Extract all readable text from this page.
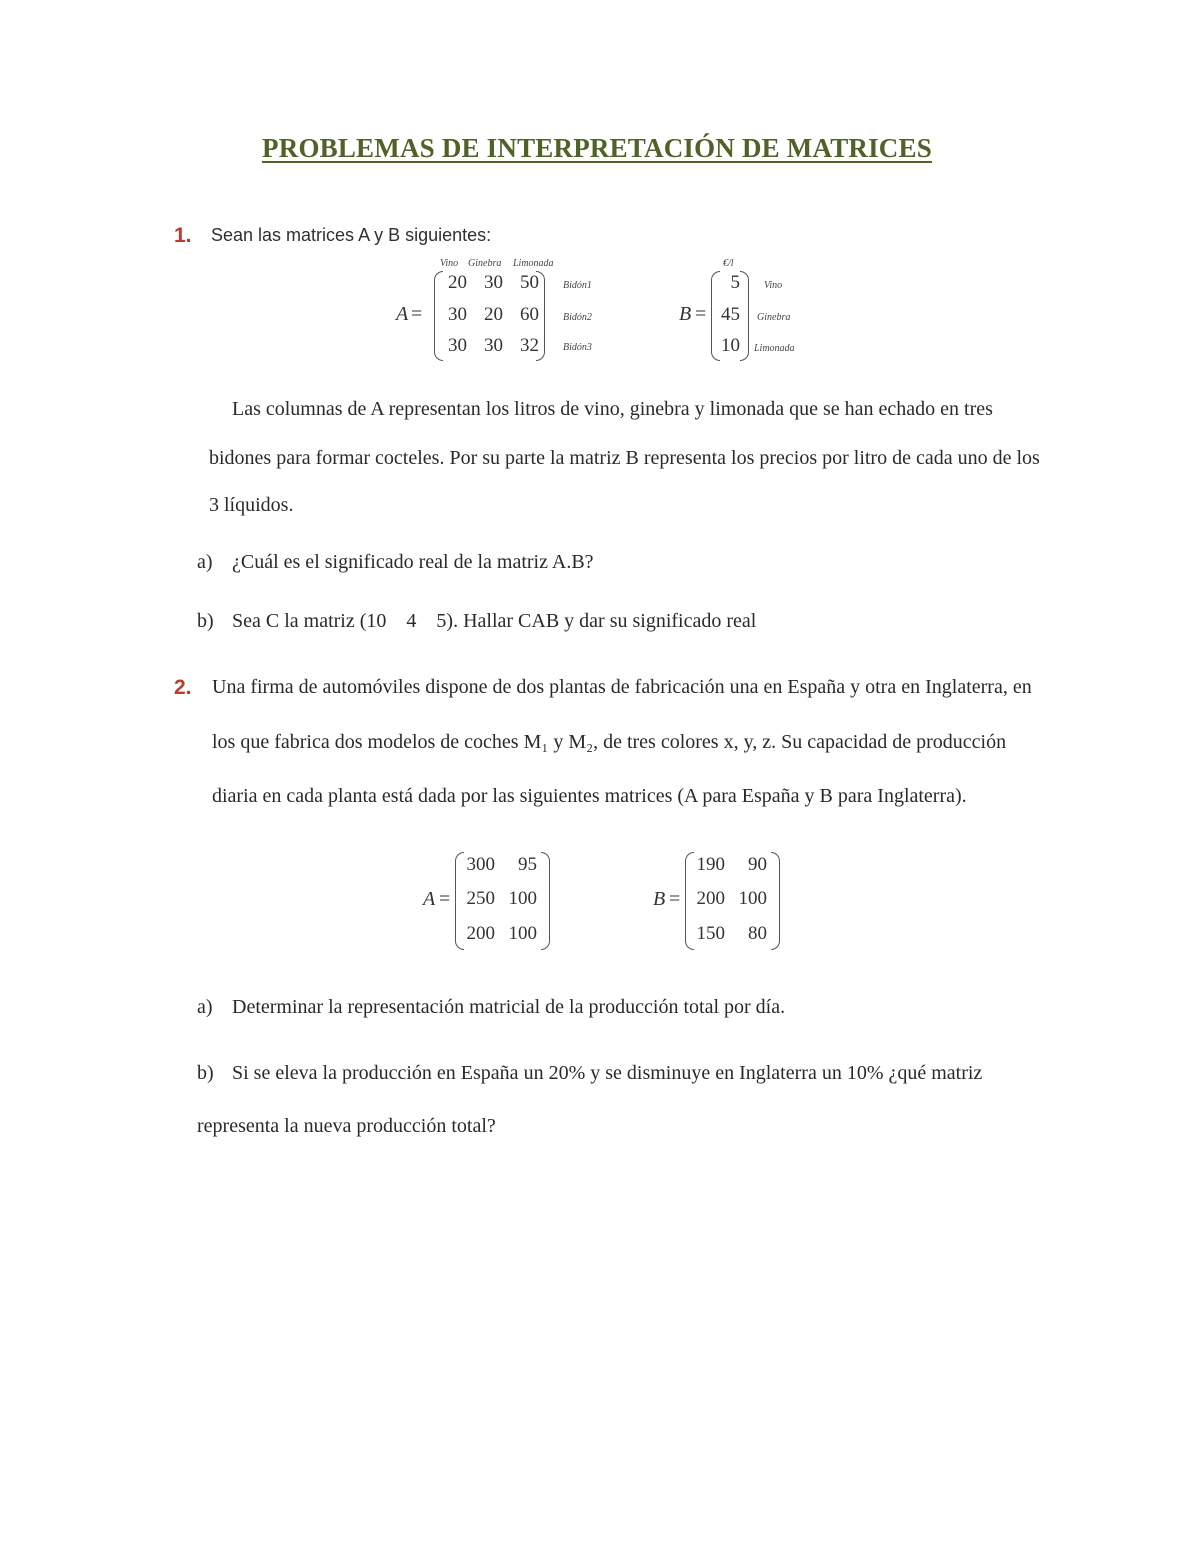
PROBLEMAS DE INTERPRETACIÓN DE MATRICES
1. Sean las matrices A y B siguientes:
Vino Ginebra Limonada
A =
20 30 50
30 20 60
30 30 32
Bidón1
Bidón2
Bidón3
€/l
B =
5
45
10
Vino
Ginebra
Limonada
Las columnas de A representan los litros de vino, ginebra y limonada que se han echado en tres
bidones para formar cocteles. Por su parte la matriz B representa los precios por litro de cada uno de los
3 líquidos.
a) ¿Cuál es el significado real de la matriz A.B?
b) Sea C la matriz (10    4    5). Hallar CAB y dar su significado real
2. Una firma de automóviles dispone de dos plantas de fabricación una en España y otra en Inglaterra, en
los que fabrica dos modelos de coches M₁ y M₂, de tres colores x, y, z. Su capacidad de producción
diaria en cada planta está dada por las siguientes matrices (A para España y B para Inglaterra).
A =
300	95
250 100
200 100
B =
190	90
200 100
150	80
a) Determinar la representación matricial de la producción total por día.
b) Si se eleva la producción en España un 20% y se disminuye en Inglaterra un 10% ¿qué matriz
representa la nueva producción total?
